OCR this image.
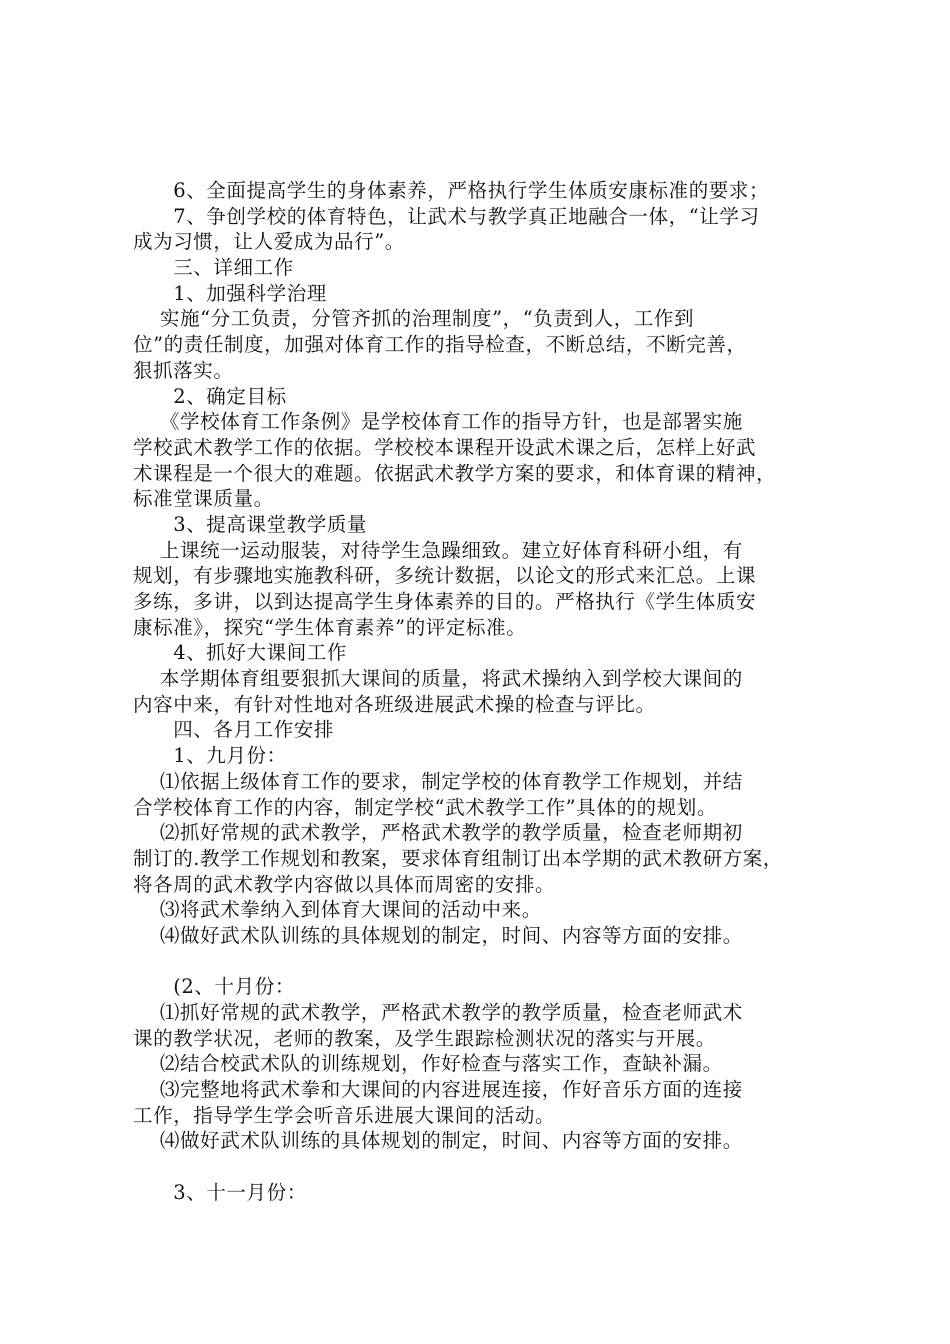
　　6、全面提高学生的身体素养，严格执行学生体质安康标准的要求；
　　7、争创学校的体育特色，让武术与教学真正地融合一体，“让学习
成为习惯，让人爱成为品行”。
　　三、详细工作
　　1、加强科学治理
　 实施“分工负责，分管齐抓的治理制度”，“负责到人，工作到
位”的责任制度，加强对体育工作的指导检查，不断总结，不断完善，
狠抓落实。
　　2、确定目标
　 《学校体育工作条例》是学校体育工作的指导方针，也是部署实施
学校武术教学工作的依据。学校校本课程开设武术课之后，怎样上好武
术课程是一个很大的难题。依据武术教学方案的要求，和体育课的精神，
标准堂课质量。
　　3、提高课堂教学质量
　 上课统一运动服装，对待学生急躁细致。建立好体育科研小组，有
规划，有步骤地实施教科研，多统计数据，以论文的形式来汇总。上课
多练，多讲，以到达提高学生身体素养的目的。严格执行《学生体质安
康标准》，探究“学生体育素养”的评定标准。
　　4、抓好大课间工作
　 本学期体育组要狠抓大课间的质量，将武术操纳入到学校大课间的
内容中来，有针对性地对各班级进展武术操的检查与评比。
　　四、各月工作安排
　　1、九月份：
　 ⑴依据上级体育工作的要求，制定学校的体育教学工作规划，并结
合学校体育工作的内容，制定学校“武术教学工作”具体的的规划。
　 ⑵抓好常规的武术教学，严格武术教学的教学质量，检查老师期初
制订的.教学工作规划和教案，要求体育组制订出本学期的武术教研方案，
将各周的武术教学内容做以具体而周密的安排。
　 ⑶将武术拳纳入到体育大课间的活动中来。
　 ⑷做好武术队训练的具体规划的制定，时间、内容等方面的安排。
　　(2、十月份：
　 ⑴抓好常规的武术教学，严格武术教学的教学质量，检查老师武术
课的教学状况，老师的教案，及学生跟踪检测状况的落实与开展。
　 ⑵结合校武术队的训练规划，作好检查与落实工作，查缺补漏。
　 ⑶完整地将武术拳和大课间的内容进展连接，作好音乐方面的连接
工作，指导学生学会听音乐进展大课间的活动。
　 ⑷做好武术队训练的具体规划的制定，时间、内容等方面的安排。
　　3、十一月份：
